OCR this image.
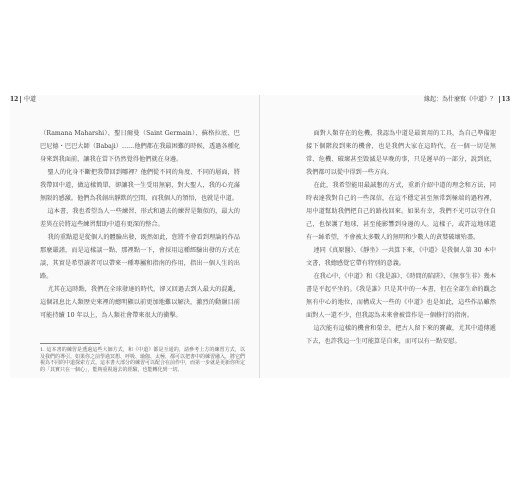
12 中道

（Ramana Maharshi）、聖日爾曼（Saint Germain）、蘇格拉底、巴巴尼德・巴巴大師（Babaji）……他們都在我最困難的時候，透過各種化身來到我面前，讓我在當下仍然覺得他們就在身邊。

聖人的化身不斷把我帶回到哪裡？他們從不同的角度、不同的層面，將我帶回中道，做這樣簡單，卻讓我一生受用無窮，對大聖人，我的心充滿無限的感激。他們為我創出靜默的空間，而我個人的領悟，也就是中道。

這本書，我也希望為人一些練習、形式和過去的練習是類似的，最大的差異在於將這些練習幫助中道有更深的整合。

我的重點還是從個人的體驗出發，既然如此，您將不會看到理論的作品那麼嚴謹，而是這樣談一點、那裡點一下，會採用這種經驗出發的方式在談，其實是希望讀者可以帶來一種專屬和指南的作用，指出一個人生的出路。

尤其在這時點，我們在全球發達的時代，卻又回過去到人最大的混亂，這個訊息比人類歷史來裡的總明顯以前更加地難以解決，激烈的動盪目前可能持續 10 年以上，為人類社會帶來很大的衝擊。

1. 這本書的練習是透過這些大師方式，和《中道》都是互通的，請參考上方的練習方式，以及我們的導引。如果你之前學過冥想、呼吸、瑜伽、太極，都可以把書中的練習融入，將它們視為不同的中道探索方式。這本書大部分的練習可以配合在前作中，而第一步就是更新你所定的「其實只在一個心」，能夠重視過去的經驗，也能轉化到一切。

緣起：為什麼寫《中道》？ 13

面對人類存在的危機，我認為中道是最實用的工具，為自己準備迎接下個階段到來的機會，也是我們大家在這時代，在一個一切是無常、危機、破壞甚至毀滅是早晚的事，只是遲早的一部分，說到底，我們都可以從中得到一些方向。

在此，我希望能用最誠懇的方式，重新介紹中道的理念和方法，同時表達我對自己的一些深信，在這不穩定甚至無常到極端的過程裡，用中道幫助我們把自己的路找回來。如果有幸，我們不光可以守住自己，也保護了地球，甚至能影響到身邊的人。這樣子，或許這地球還有一絲希望，不會被太多數人的無明和少數人的貪婪破壞殆盡。

連同《真原醫》、《靜坐》一共算下來，《中道》是我個人第 30 本中文書，我總感覺它帶有特別的意義。

在我心中，《中道》和《我是誰》、《時間的陷阱》、《無事生非》幾本書是平起平坐的。《我是誰》只是其中的一本書，但在全部生命的觀念無有中心的地位，而構成大一些的《中道》也是如此，這些作品雖然面對人一還不少，但我認為未來會被當作是一個修行的指南。

這次能有這樣的機會和榮幸，把古人留下來的寶藏，尤其中道傳遞下去，也許我這一生可能算是自來，而可以有一點安慰。
